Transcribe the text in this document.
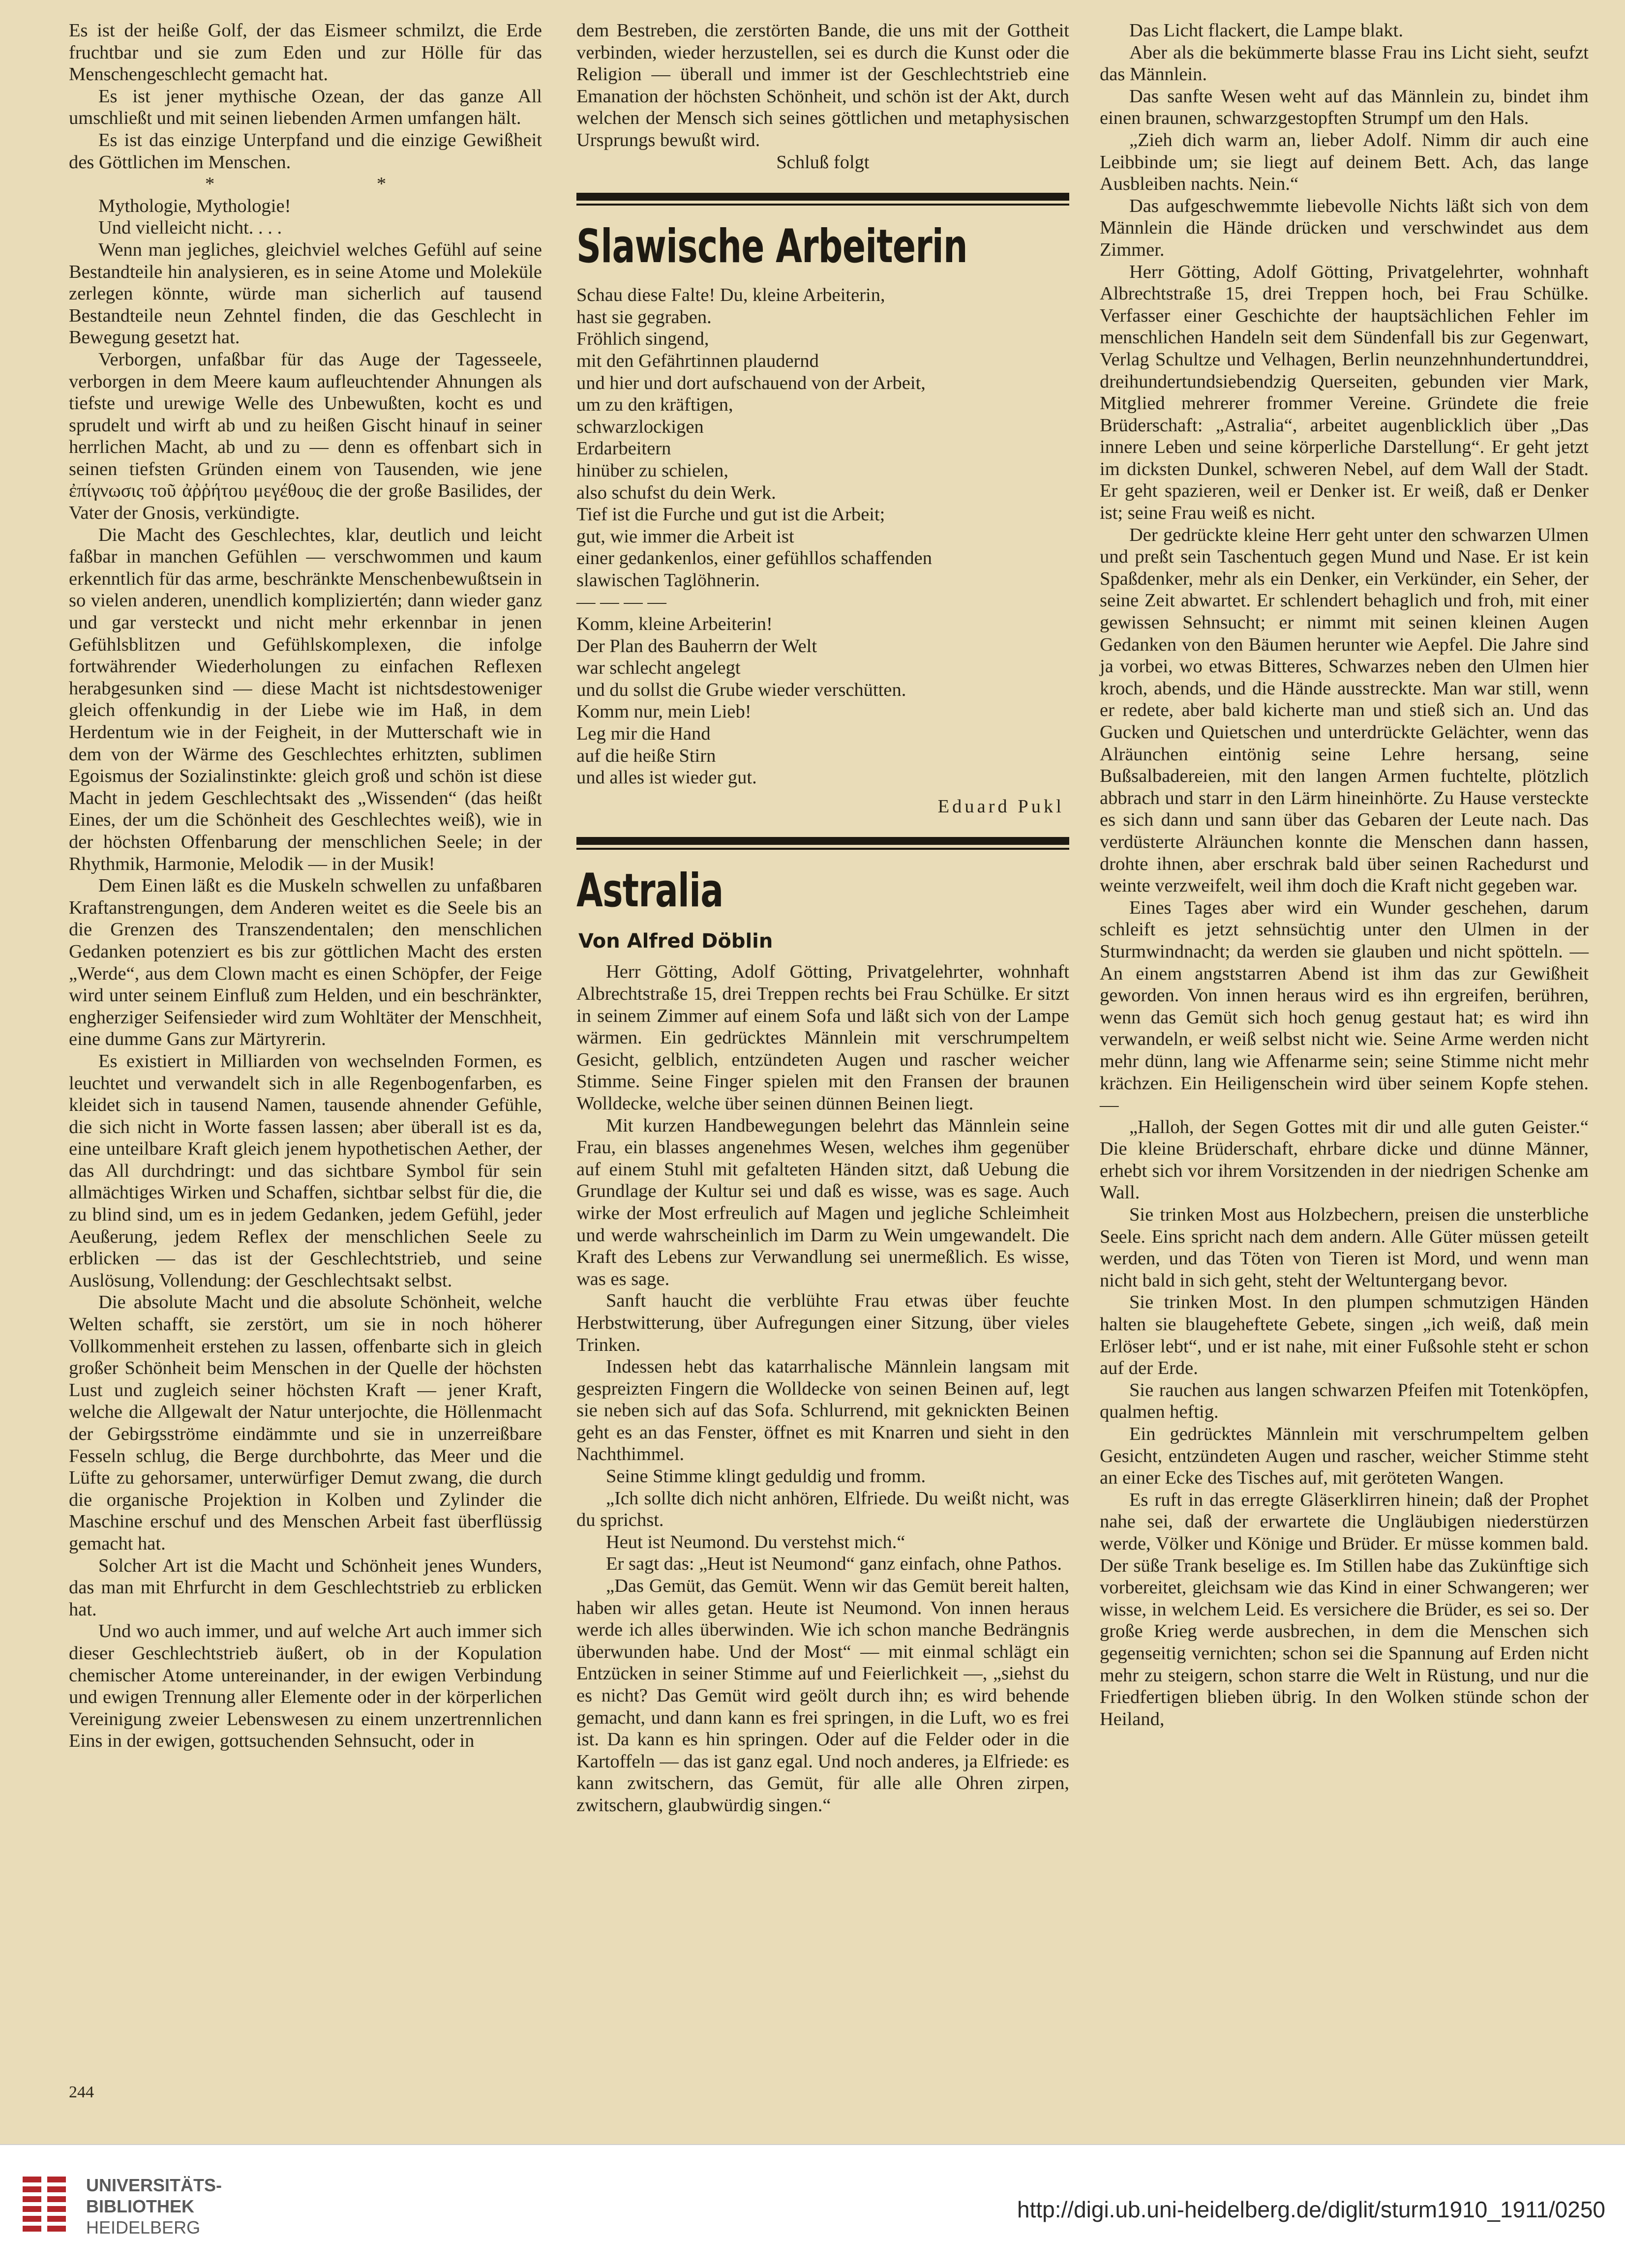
Es ist der heiße Golf, der das Eismeer schmilzt, die Erde fruchtbar und sie zum Eden und zur Hölle für das Menschengeschlecht gemacht hat.

Es ist jener mythische Ozean, der das ganze All umschließt und mit seinen liebenden Armen umfangen hält.

Es ist das einzige Unterpfand und die einzige Gewißheit des Göttlichen im Menschen.

* *

Mythologie, Mythologie!

Und vielleicht nicht. . . .

Wenn man jegliches, gleichviel welches Gefühl auf seine Bestandteile hin analysieren, es in seine Atome und Moleküle zerlegen könnte, würde man sicherlich auf tausend Bestandteile neun Zehntel finden, die das Geschlecht in Bewegung gesetzt hat.

Verborgen, unfaßbar für das Auge der Tagesseele, verborgen in dem Meere kaum aufleuchtender Ahnungen als tiefste und urewige Welle des Unbewußten, kocht es und sprudelt und wirft ab und zu heißen Gischt hinauf in seiner herrlichen Macht, ab und zu — denn es offenbart sich in seinen tiefsten Gründen einem von Tausenden, wie jene ἐπίγνωσις τοῦ ἀῤῥήτου μεγέθους die der große Basilides, der Vater der Gnosis, verkündigte.

Die Macht des Geschlechtes, klar, deutlich und leicht faßbar in manchen Gefühlen — verschwommen und kaum erkenntlich für das arme, beschränkte Menschenbewußtsein in so vielen anderen, unendlich kompliziertén; dann wieder ganz und gar versteckt und nicht mehr erkennbar in jenen Gefühlsblitzen und Gefühlskomplexen, die infolge fortwährender Wiederholungen zu einfachen Reflexen herabgesunken sind — diese Macht ist nichtsdestoweniger gleich offenkundig in der Liebe wie im Haß, in dem Herdentum wie in der Feigheit, in der Mutterschaft wie in dem von der Wärme des Geschlechtes erhitzten, sublimen Egoismus der Sozialinstinkte: gleich groß und schön ist diese Macht in jedem Geschlechtsakt des „Wissenden“ (das heißt Eines, der um die Schönheit des Geschlechtes weiß), wie in der höchsten Offenbarung der menschlichen Seele; in der Rhythmik, Harmonie, Melodik — in der Musik!

Dem Einen läßt es die Muskeln schwellen zu unfaßbaren Kraftanstrengungen, dem Anderen weitet es die Seele bis an die Grenzen des Transzendentalen; den menschlichen Gedanken potenziert es bis zur göttlichen Macht des ersten „Werde“, aus dem Clown macht es einen Schöpfer, der Feige wird unter seinem Einfluß zum Helden, und ein beschränkter, engherziger Seifensieder wird zum Wohltäter der Menschheit, eine dumme Gans zur Märtyrerin.

Es existiert in Milliarden von wechselnden Formen, es leuchtet und verwandelt sich in alle Regenbogenfarben, es kleidet sich in tausend Namen, tausende ahnender Gefühle, die sich nicht in Worte fassen lassen; aber überall ist es da, eine unteilbare Kraft gleich jenem hypothetischen Aether, der das All durchdringt: und das sichtbare Symbol für sein allmächtiges Wirken und Schaffen, sichtbar selbst für die, die zu blind sind, um es in jedem Gedanken, jedem Gefühl, jeder Aeußerung, jedem Reflex der menschlichen Seele zu erblicken — das ist der Geschlechtstrieb, und seine Auslösung, Vollendung: der Geschlechtsakt selbst.

Die absolute Macht und die absolute Schönheit, welche Welten schafft, sie zerstört, um sie in noch höherer Vollkommenheit erstehen zu lassen, offenbarte sich in gleich großer Schönheit beim Menschen in der Quelle der höchsten Lust und zugleich seiner höchsten Kraft — jener Kraft, welche die Allgewalt der Natur unterjochte, die Höllenmacht der Gebirgsströme eindämmte und sie in unzerreißbare Fesseln schlug, die Berge durchbohrte, das Meer und die Lüfte zu gehorsamer, unterwürfiger Demut zwang, die durch die organische Projektion in Kolben und Zylinder die Maschine erschuf und des Menschen Arbeit fast überflüssig gemacht hat.

Solcher Art ist die Macht und Schönheit jenes Wunders, das man mit Ehrfurcht in dem Geschlechtstrieb zu erblicken hat.

Und wo auch immer, und auf welche Art auch immer sich dieser Geschlechtstrieb äußert, ob in der Kopulation chemischer Atome untereinander, in der ewigen Verbindung und ewigen Trennung aller Elemente oder in der körperlichen Vereinigung zweier Lebenswesen zu einem unzertrennlichen Eins in der ewigen, gottsuchenden Sehnsucht, oder in

dem Bestreben, die zerstörten Bande, die uns mit der Gottheit verbinden, wieder herzustellen, sei es durch die Kunst oder die Religion — überall und immer ist der Geschlechtstrieb eine Emanation der höchsten Schönheit, und schön ist der Akt, durch welchen der Mensch sich seines göttlichen und metaphysischen Ursprungs bewußt wird.

Schluß folgt

Slawische Arbeiterin
Schau diese Falte! Du, kleine Arbeiterin,
hast sie gegraben.
Fröhlich singend,
mit den Gefährtinnen plaudernd
und hier und dort aufschauend von der Arbeit,
um zu den kräftigen,
schwarzlockigen
Erdarbeitern
hinüber zu schielen,
also schufst du dein Werk.
Tief ist die Furche und gut ist die Arbeit;
gut, wie immer die Arbeit ist
einer gedankenlos, einer gefühllos schaffenden
slawischen Taglöhnerin.
— — — —
Komm, kleine Arbeiterin!
Der Plan des Bauherrn der Welt
war schlecht angelegt
und du sollst die Grube wieder verschütten.
Komm nur, mein Lieb!
Leg mir die Hand
auf die heiße Stirn
und alles ist wieder gut.

Eduard Pukl

Astralia
Von Alfred Döblin

Herr Götting, Adolf Götting, Privatgelehrter, wohnhaft Albrechtstraße 15, drei Treppen rechts bei Frau Schülke. Er sitzt in seinem Zimmer auf einem Sofa und läßt sich von der Lampe wärmen. Ein gedrücktes Männlein mit verschrumpeltem Gesicht, gelblich, entzündeten Augen und rascher weicher Stimme. Seine Finger spielen mit den Fransen der braunen Wolldecke, welche über seinen dünnen Beinen liegt.

Mit kurzen Handbewegungen belehrt das Männlein seine Frau, ein blasses angenehmes Wesen, welches ihm gegenüber auf einem Stuhl mit gefalteten Händen sitzt, daß Uebung die Grundlage der Kultur sei und daß es wisse, was es sage. Auch wirke der Most erfreulich auf Magen und jegliche Schleimheit und werde wahrscheinlich im Darm zu Wein umgewandelt. Die Kraft des Lebens zur Verwandlung sei unermeßlich. Es wisse, was es sage.

Sanft haucht die verblühte Frau etwas über feuchte Herbstwitterung, über Aufregungen einer Sitzung, über vieles Trinken.

Indessen hebt das katarrhalische Männlein langsam mit gespreizten Fingern die Wolldecke von seinen Beinen auf, legt sie neben sich auf das Sofa. Schlurrend, mit geknickten Beinen geht es an das Fenster, öffnet es mit Knarren und sieht in den Nachthimmel.

Seine Stimme klingt geduldig und fromm.

„Ich sollte dich nicht anhören, Elfriede. Du weißt nicht, was du sprichst.

Heut ist Neumond. Du verstehst mich.“

Er sagt das: „Heut ist Neumond“ ganz einfach, ohne Pathos.

„Das Gemüt, das Gemüt. Wenn wir das Gemüt bereit halten, haben wir alles getan. Heute ist Neumond. Von innen heraus werde ich alles überwinden. Wie ich schon manche Bedrängnis überwunden habe. Und der Most“ — mit einmal schlägt ein Entzücken in seiner Stimme auf und Feierlichkeit —, „siehst du es nicht? Das Gemüt wird geölt durch ihn; es wird behende gemacht, und dann kann es frei springen, in die Luft, wo es frei ist. Da kann es hin springen. Oder auf die Felder oder in die Kartoffeln — das ist ganz egal. Und noch anderes, ja Elfriede: es kann zwitschern, das Gemüt, für alle alle Ohren zirpen, zwitschern, glaubwürdig singen.“

Das Licht flackert, die Lampe blakt.

Aber als die bekümmerte blasse Frau ins Licht sieht, seufzt das Männlein.

Das sanfte Wesen weht auf das Männlein zu, bindet ihm einen braunen, schwarzgestopften Strumpf um den Hals.

„Zieh dich warm an, lieber Adolf. Nimm dir auch eine Leibbinde um; sie liegt auf deinem Bett. Ach, das lange Ausbleiben nachts. Nein.“

Das aufgeschwemmte liebevolle Nichts läßt sich von dem Männlein die Hände drücken und verschwindet aus dem Zimmer.

Herr Götting, Adolf Götting, Privatgelehrter, wohnhaft Albrechtstraße 15, drei Treppen hoch, bei Frau Schülke. Verfasser einer Geschichte der hauptsächlichen Fehler im menschlichen Handeln seit dem Sündenfall bis zur Gegenwart, Verlag Schultze und Velhagen, Berlin neunzehnhundertunddrei, dreihundertundsiebendzig Querseiten, gebunden vier Mark, Mitglied mehrerer frommer Vereine. Gründete die freie Brüderschaft: „Astralia“, arbeitet augenblicklich über „Das innere Leben und seine körperliche Darstellung“. Er geht jetzt im dicksten Dunkel, schweren Nebel, auf dem Wall der Stadt. Er geht spazieren, weil er Denker ist. Er weiß, daß er Denker ist; seine Frau weiß es nicht.

Der gedrückte kleine Herr geht unter den schwarzen Ulmen und preßt sein Taschentuch gegen Mund und Nase. Er ist kein Spaßdenker, mehr als ein Denker, ein Verkünder, ein Seher, der seine Zeit abwartet. Er schlendert behaglich und froh, mit einer gewissen Sehnsucht; er nimmt mit seinen kleinen Augen Gedanken von den Bäumen herunter wie Aepfel. Die Jahre sind ja vorbei, wo etwas Bitteres, Schwarzes neben den Ulmen hier kroch, abends, und die Hände ausstreckte. Man war still, wenn er redete, aber bald kicherte man und stieß sich an. Und das Gucken und Quietschen und unterdrückte Gelächter, wenn das Alräunchen eintönig seine Lehre hersang, seine Bußsalbadereien, mit den langen Armen fuchtelte, plötzlich abbrach und starr in den Lärm hineinhörte. Zu Hause versteckte es sich dann und sann über das Gebaren der Leute nach. Das verdüsterte Alräunchen konnte die Menschen dann hassen, drohte ihnen, aber erschrak bald über seinen Rachedurst und weinte verzweifelt, weil ihm doch die Kraft nicht gegeben war.

Eines Tages aber wird ein Wunder geschehen, darum schleift es jetzt sehnsüchtig unter den Ulmen in der Sturmwindnacht; da werden sie glauben und nicht spötteln. — An einem angststarren Abend ist ihm das zur Gewißheit geworden. Von innen heraus wird es ihn ergreifen, berühren, wenn das Gemüt sich hoch genug gestaut hat; es wird ihn verwandeln, er weiß selbst nicht wie. Seine Arme werden nicht mehr dünn, lang wie Affenarme sein; seine Stimme nicht mehr krächzen. Ein Heiligenschein wird über seinem Kopfe stehen. —

„Halloh, der Segen Gottes mit dir und alle guten Geister.“ Die kleine Brüderschaft, ehrbare dicke und dünne Männer, erhebt sich vor ihrem Vorsitzenden in der niedrigen Schenke am Wall.

Sie trinken Most aus Holzbechern, preisen die unsterbliche Seele. Eins spricht nach dem andern. Alle Güter müssen geteilt werden, und das Töten von Tieren ist Mord, und wenn man nicht bald in sich geht, steht der Weltuntergang bevor.

Sie trinken Most. In den plumpen schmutzigen Händen halten sie blaugeheftete Gebete, singen „ich weiß, daß mein Erlöser lebt“, und er ist nahe, mit einer Fußsohle steht er schon auf der Erde.

Sie rauchen aus langen schwarzen Pfeifen mit Totenköpfen, qualmen heftig.

Ein gedrücktes Männlein mit verschrumpeltem gelben Gesicht, entzündeten Augen und rascher, weicher Stimme steht an einer Ecke des Tisches auf, mit geröteten Wangen.

Es ruft in das erregte Gläserklirren hinein; daß der Prophet nahe sei, daß der erwartete die Ungläubigen niederstürzen werde, Völker und Könige und Brüder. Er müsse kommen bald. Der süße Trank beselige es. Im Stillen habe das Zukünftige sich vorbereitet, gleichsam wie das Kind in einer Schwangeren; wer wisse, in welchem Leid. Es versichere die Brüder, es sei so. Der große Krieg werde ausbrechen, in dem die Menschen sich gegenseitig vernichten; schon sei die Spannung auf Erden nicht mehr zu steigern, schon starre die Welt in Rüstung, und nur die Friedfertigen blieben übrig. In den Wolken stünde schon der Heiland,

244
UNIVERSITÄTS-
BIBLIOTHEK
HEIDELBERG
http://digi.ub.uni-heidelberg.de/diglit/sturm1910_1911/0250
